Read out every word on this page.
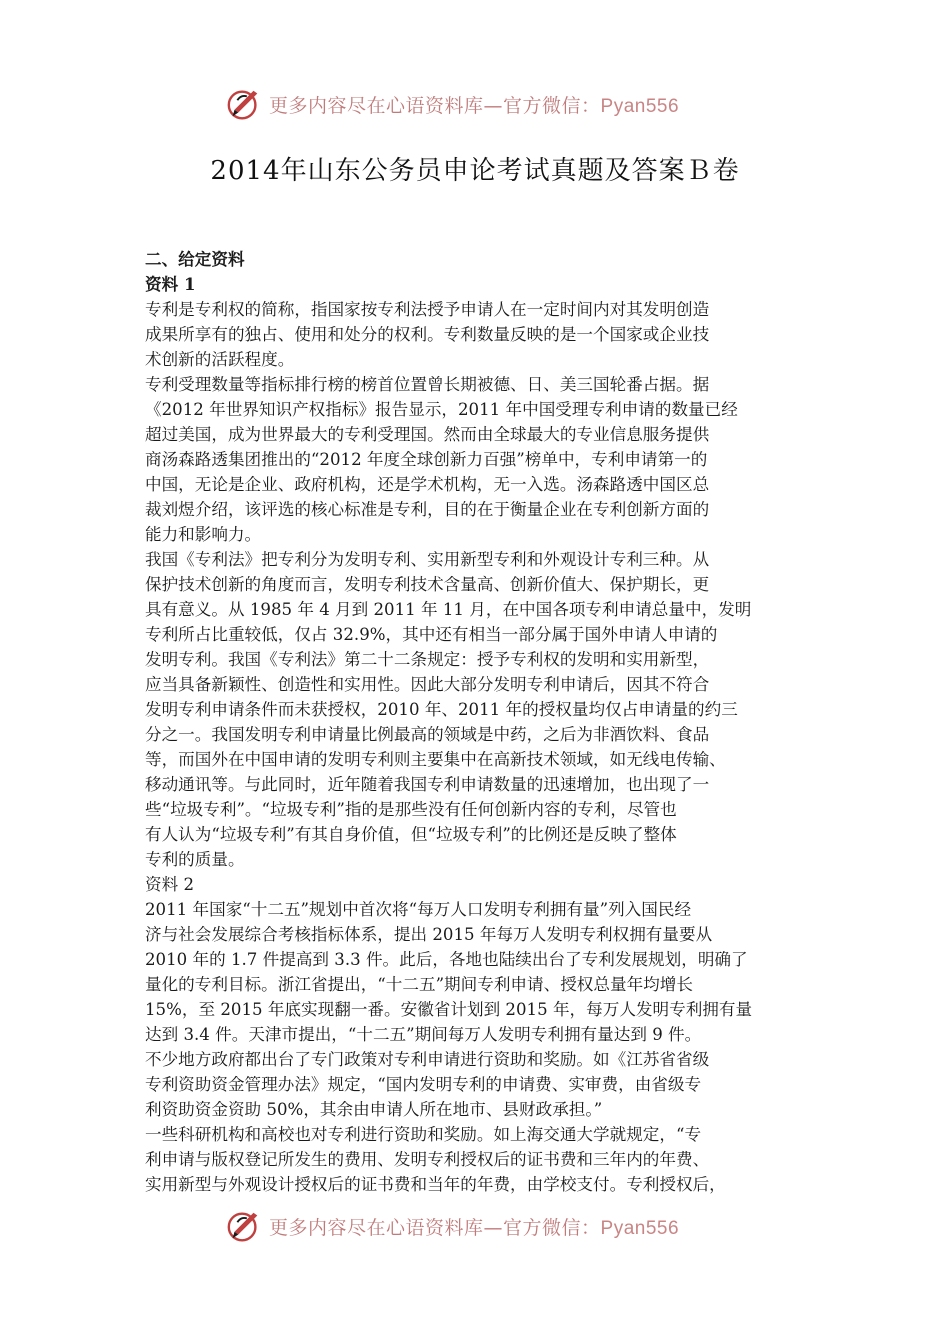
更多内容尽在心语资料库—官方微信：Pyan556
2014年山东公务员申论考试真题及答案Ｂ卷

二、给定资料

资料 1

专利是专利权的简称，指国家按专利法授予申请人在一定时间内对其发明创造

成果所享有的独占、使用和处分的权利。专利数量反映的是一个国家或企业技

术创新的活跃程度。

专利受理数量等指标排行榜的榜首位置曾长期被德、日、美三国轮番占据。据

《2012 年世界知识产权指标》报告显示，2011 年中国受理专利申请的数量已经

超过美国，成为世界最大的专利受理国。然而由全球最大的专业信息服务提供

商汤森路透集团推出的“2012 年度全球创新力百强”榜单中，专利申请第一的

中国，无论是企业、政府机构，还是学术机构，无一入选。汤森路透中国区总

裁刘煜介绍，该评选的核心标准是专利，目的在于衡量企业在专利创新方面的

能力和影响力。

我国《专利法》把专利分为发明专利、实用新型专利和外观设计专利三种。从

保护技术创新的角度而言，发明专利技术含量高、创新价值大、保护期长，更

具有意义。从 1985 年 4 月到 2011 年 11 月，在中国各项专利申请总量中，发明

专利所占比重较低，仅占 32.9%，其中还有相当一部分属于国外申请人申请的

发明专利。我国《专利法》第二十二条规定：授予专利权的发明和实用新型，

应当具备新颖性、创造性和实用性。因此大部分发明专利申请后，因其不符合

发明专利申请条件而未获授权，2010 年、2011 年的授权量均仅占申请量的约三

分之一。我国发明专利申请量比例最高的领域是中药，之后为非酒饮料、食品

等，而国外在中国申请的发明专利则主要集中在高新技术领域，如无线电传输、

移动通讯等。与此同时，近年随着我国专利申请数量的迅速增加，也出现了一

些“垃圾专利”。“垃圾专利”指的是那些没有任何创新内容的专利，尽管也

有人认为“垃圾专利”有其自身价值，但“垃圾专利”的比例还是反映了整体

专利的质量。

资料 2

2011 年国家“十二五”规划中首次将“每万人口发明专利拥有量”列入国民经

济与社会发展综合考核指标体系，提出 2015 年每万人发明专利权拥有量要从

2010 年的 1.7 件提高到 3.3 件。此后，各地也陆续出台了专利发展规划，明确了

量化的专利目标。浙江省提出，“十二五”期间专利申请、授权总量年均增长

15%，至 2015 年底实现翻一番。安徽省计划到 2015 年，每万人发明专利拥有量

达到 3.4 件。天津市提出，“十二五”期间每万人发明专利拥有量达到 9 件。

不少地方政府都出台了专门政策对专利申请进行资助和奖励。如《江苏省省级

专利资助资金管理办法》规定，“国内发明专利的申请费、实审费，由省级专

利资助资金资助 50%，其余由申请人所在地市、县财政承担。”

一些科研机构和高校也对专利进行资助和奖励。如上海交通大学就规定，“专

利申请与版权登记所发生的费用、发明专利授权后的证书费和三年内的年费、

实用新型与外观设计授权后的证书费和当年的年费，由学校支付。专利授权后，

更多内容尽在心语资料库—官方微信：Pyan556
